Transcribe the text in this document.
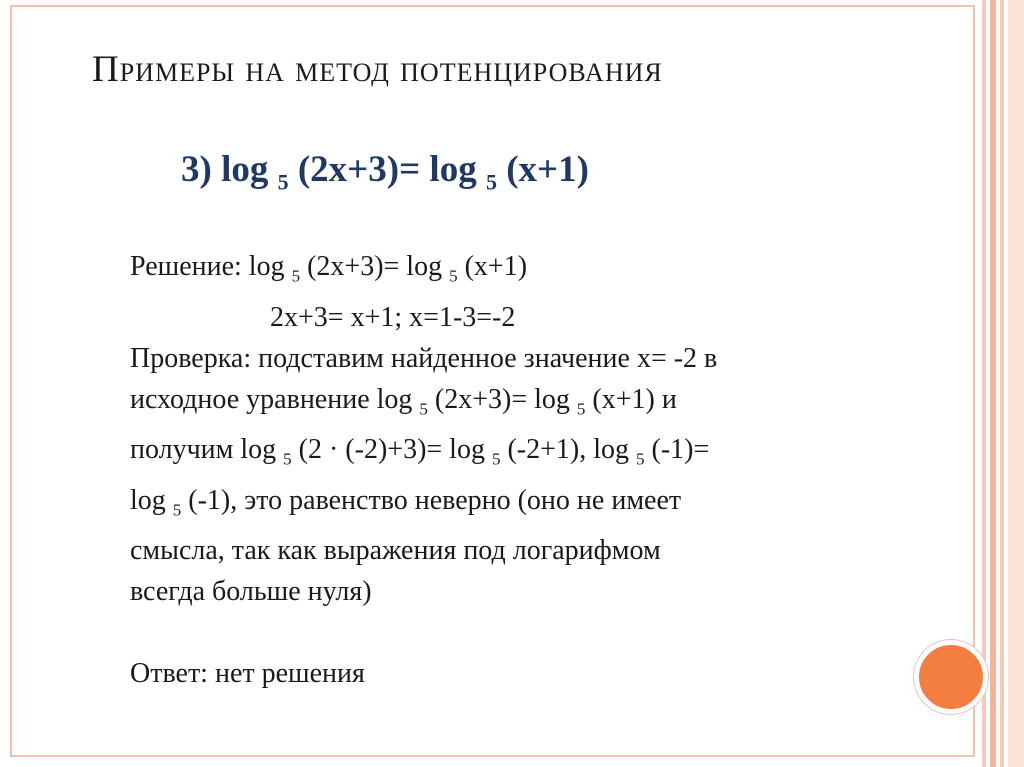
Примеры на метод потенцирования
3) log $_5$ (2х+3)= log $_5$ (х+1)

Решение: log $_5$ (2х+3)= log $_5$ (х+1)

2х+3= х+1; х=1-3=-2

Проверка: подставим найденное значение х= -2 в

исходное уравнение log $_5$ (2х+3)= log $_5$ (х+1) и

получим log $_5$ (2 · (-2)+3)= log $_5$ (-2+1), log $_5$ (-1)=

log $_5$ (-1), это равенство неверно (оно не имеет

смысла, так как выражения под логарифмом

всегда больше нуля)

Ответ: нет решения
